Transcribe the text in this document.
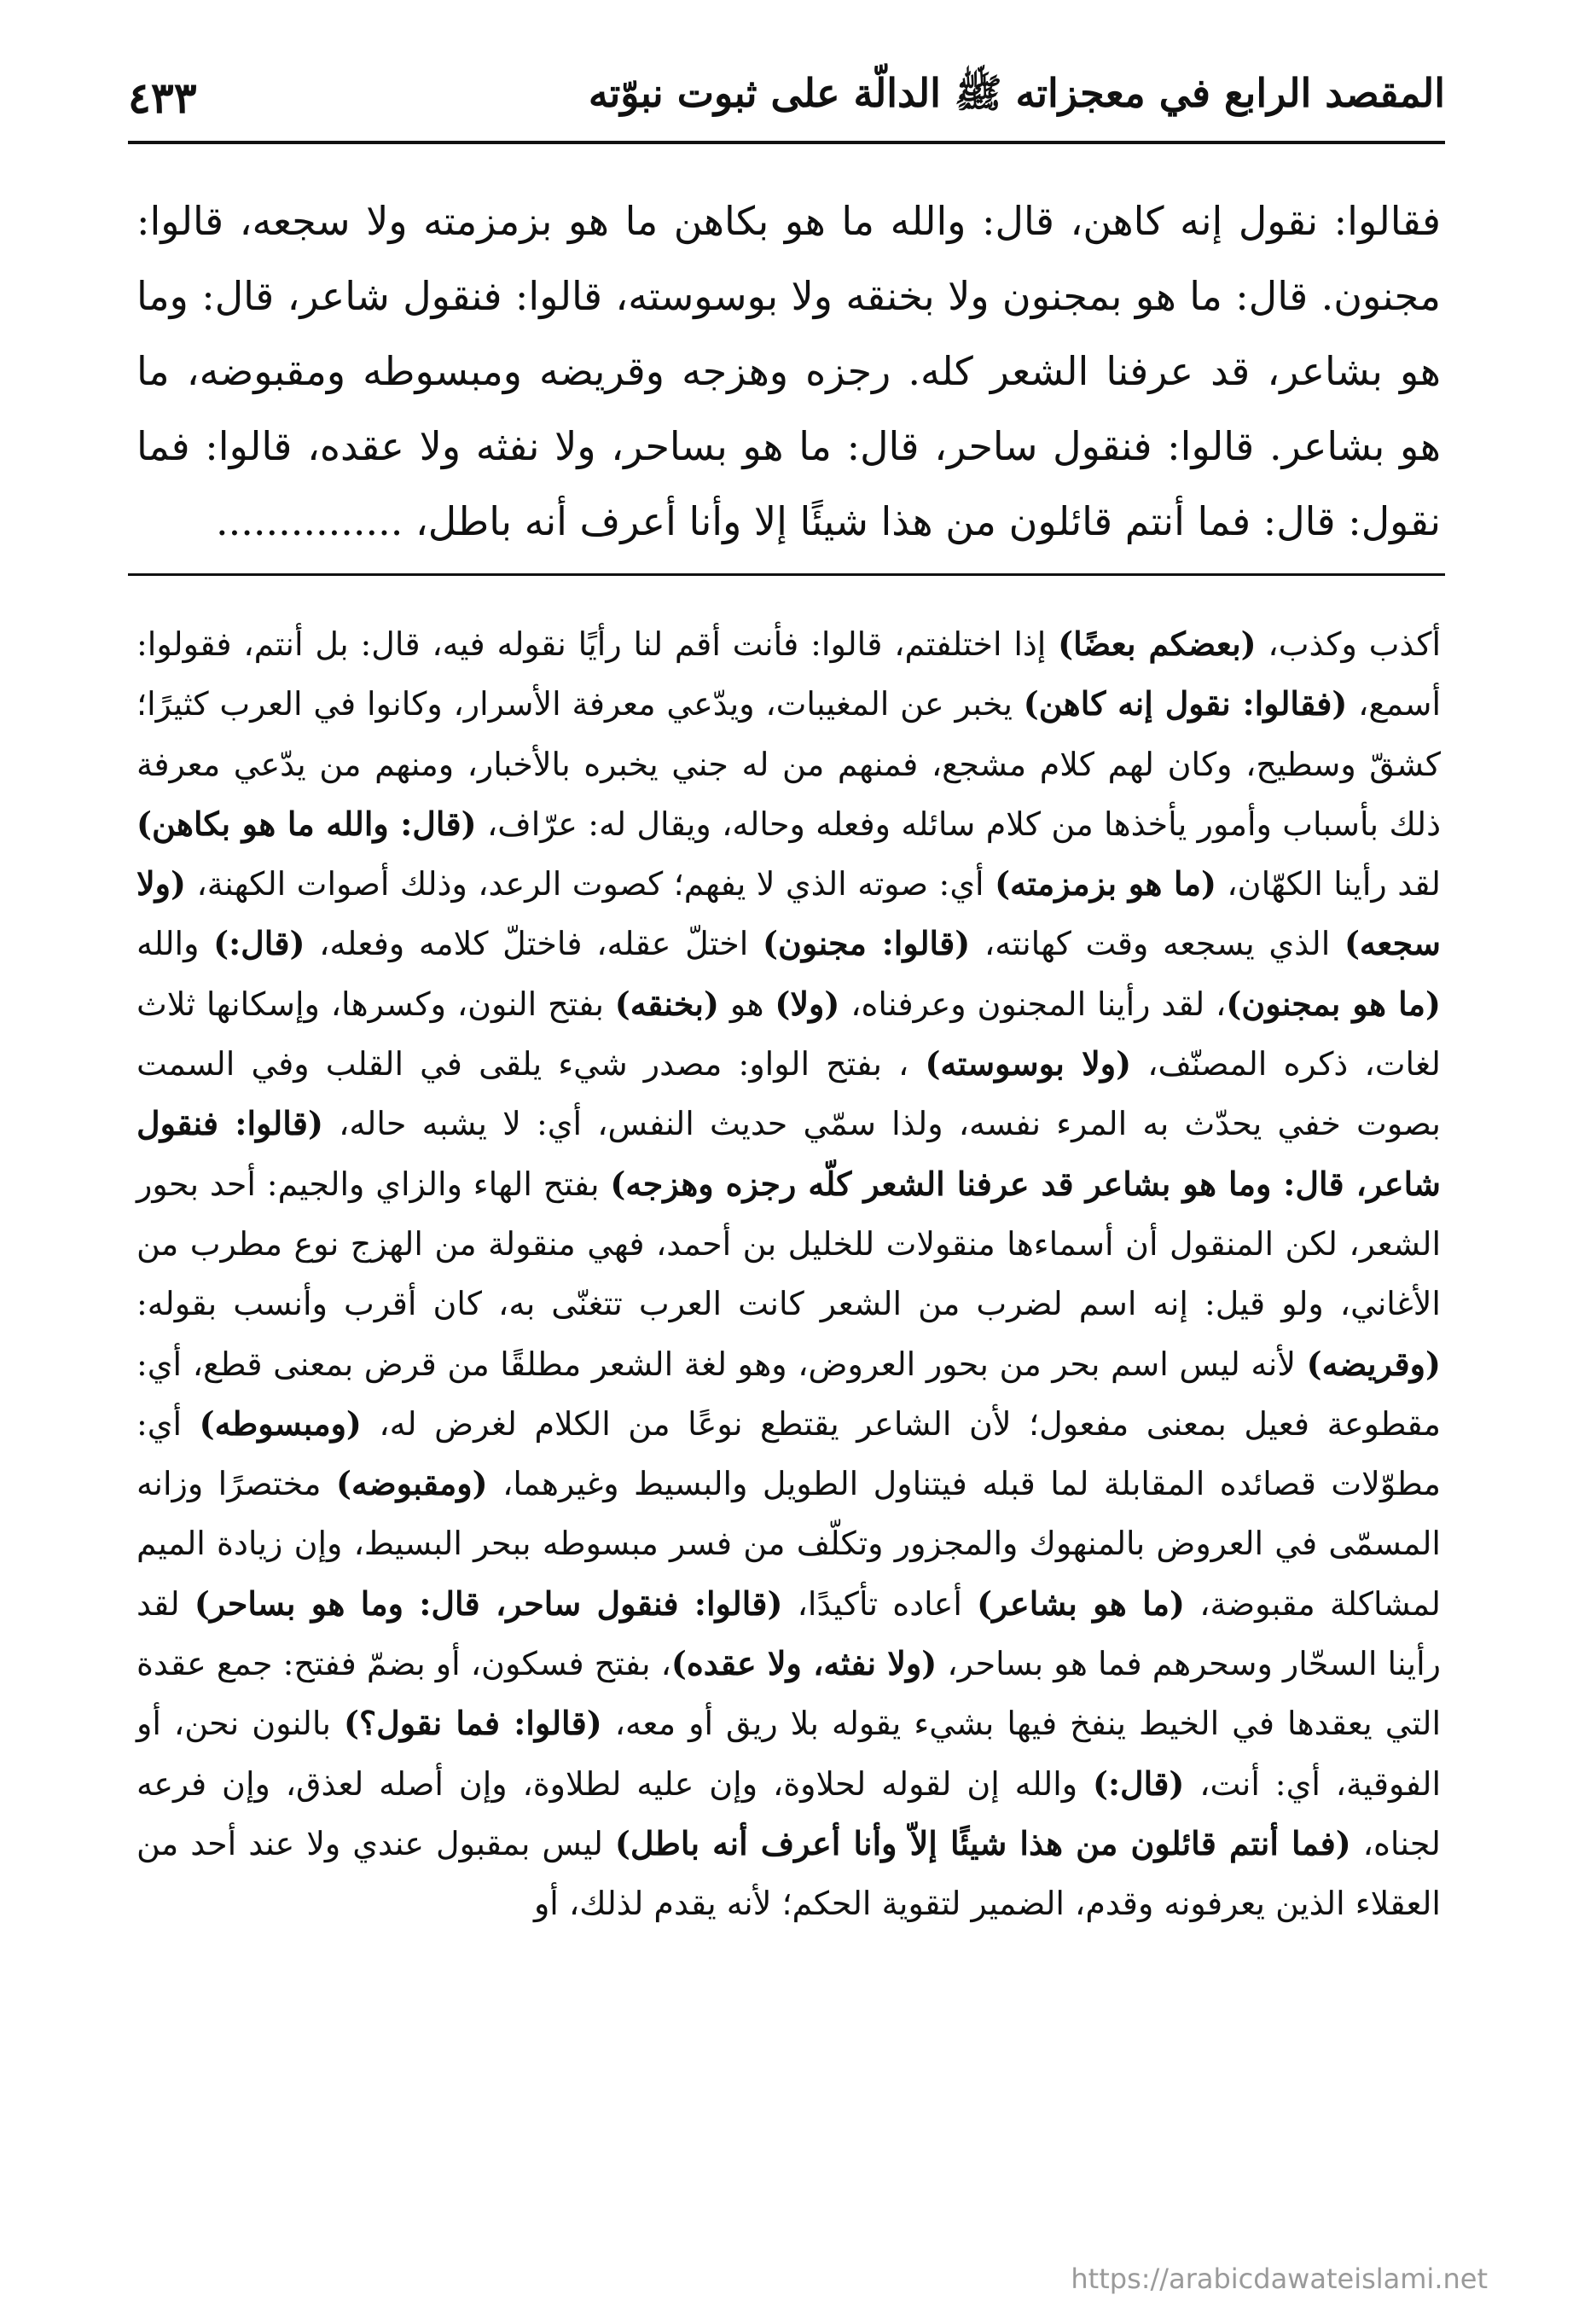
المقصد الرابع في معجزاته ﷺ الدالّة على ثبوت نبوّته
٤٣٣

فقالوا: نقول إنه كاهن، قال: والله ما هو بكاهن ما هو بزمزمته ولا سجعه، قالوا: مجنون. قال: ما هو بمجنون ولا بخنقه ولا بوسوسته، قالوا: فنقول شاعر، قال: وما هو بشاعر، قد عرفنا الشعر كله. رجزه وهزجه وقريضه ومبسوطه ومقبوضه، ما هو بشاعر. قالوا: فنقول ساحر، قال: ما هو بساحر، ولا نفثه ولا عقده، قالوا: فما نقول: قال: فما أنتم قائلون من هذا شيئًا إلا وأنا أعرف أنه باطل، ...............

أكذب وكذب، (بعضكم بعضًا) إذا اختلفتم، قالوا: فأنت أقم لنا رأيًا نقوله فيه، قال: بل أنتم، فقولوا: أسمع، (فقالوا: نقول إنه كاهن) يخبر عن المغيبات، ويدّعي معرفة الأسرار، وكانوا في العرب كثيرًا؛ كشقّ وسطيح، وكان لهم كلام مشجع، فمنهم من له جني يخبره بالأخبار، ومنهم من يدّعي معرفة ذلك بأسباب وأمور يأخذها من كلام سائله وفعله وحاله، ويقال له: عرّاف، (قال: والله ما هو بكاهن) لقد رأينا الكهّان، (ما هو بزمزمته) أي: صوته الذي لا يفهم؛ كصوت الرعد، وذلك أصوات الكهنة، (ولا سجعه) الذي يسجعه وقت كهانته، (قالوا: مجنون) اختلّ عقله، فاختلّ كلامه وفعله، (قال:) والله (ما هو بمجنون)، لقد رأينا المجنون وعرفناه، (ولا) هو (بخنقه) بفتح النون، وكسرها، وإسكانها ثلاث لغات، ذكره المصنّف، (ولا بوسوسته) ، بفتح الواو: مصدر شيء يلقى في القلب وفي السمت بصوت خفي يحدّث به المرء نفسه، ولذا سمّي حديث النفس، أي: لا يشبه حاله، (قالوا: فنقول شاعر، قال: وما هو بشاعر قد عرفنا الشعر كلّه رجزه وهزجه) بفتح الهاء والزاي والجيم: أحد بحور الشعر، لكن المنقول أن أسماءها منقولات للخليل بن أحمد، فهي منقولة من الهزج نوع مطرب من الأغاني، ولو قيل: إنه اسم لضرب من الشعر كانت العرب تتغنّى به، كان أقرب وأنسب بقوله: (وقريضه) لأنه ليس اسم بحر من بحور العروض، وهو لغة الشعر مطلقًا من قرض بمعنى قطع، أي: مقطوعة فعيل بمعنى مفعول؛ لأن الشاعر يقتطع نوعًا من الكلام لغرض له، (ومبسوطه) أي: مطوّلات قصائده المقابلة لما قبله فيتناول الطويل والبسيط وغيرهما، (ومقبوضه) مختصرًا وزانه المسمّى في العروض بالمنهوك والمجزور وتكلّف من فسر مبسوطه ببحر البسيط، وإن زيادة الميم لمشاكلة مقبوضة، (ما هو بشاعر) أعاده تأكيدًا، (قالوا: فنقول ساحر، قال: وما هو بساحر) لقد رأينا السحّار وسحرهم فما هو بساحر، (ولا نفثه، ولا عقده)، بفتح فسكون، أو بضمّ ففتح: جمع عقدة التي يعقدها في الخيط ينفخ فيها بشيء يقوله بلا ريق أو معه، (قالوا: فما نقول؟) بالنون نحن، أو الفوقية، أي: أنت، (قال:) والله إن لقوله لحلاوة، وإن عليه لطلاوة، وإن أصله لعذق، وإن فرعه لجناه، (فما أنتم قائلون من هذا شيئًا إلاّ وأنا أعرف أنه باطل) ليس بمقبول عندي ولا عند أحد من العقلاء الذين يعرفونه وقدم، الضمير لتقوية الحكم؛ لأنه يقدم لذلك، أو

https://arabicdawateislami.net
